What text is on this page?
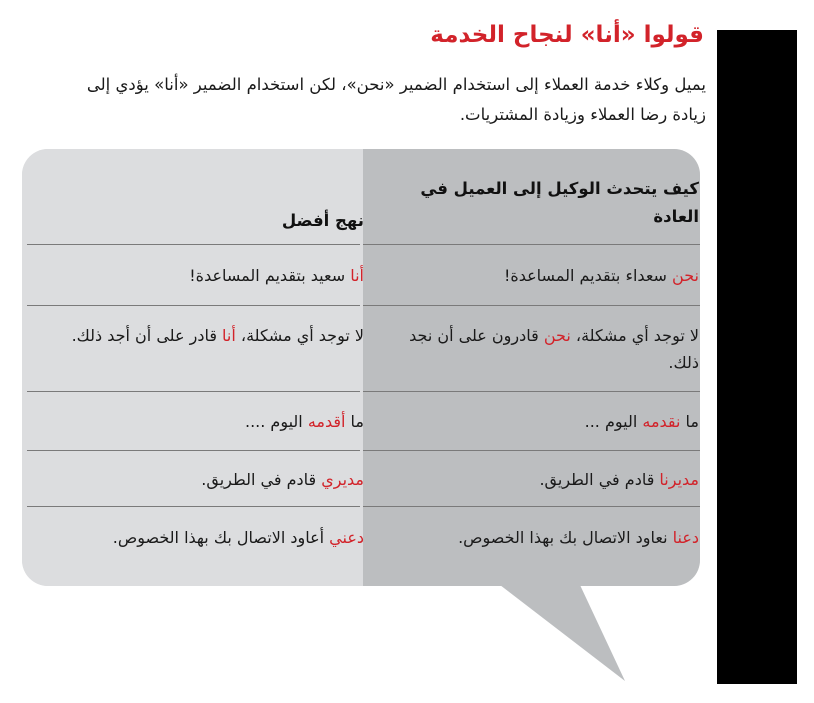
قولوا «أنا» لنجاح الخدمة

يميل وكلاء خدمة العملاء إلى استخدام الضمير «نحن»، لكن استخدام الضمير «أنا» يؤدي إلى زيادة رضا العملاء وزيادة المشتريات.

كيف يتحدث الوكيل إلى العميل في العادة
نهج أفضل
نحن سعداء بتقديم المساعدة!
أنا سعيد بتقديم المساعدة!
لا توجد أي مشكلة، نحن قادرون على أن نجد ذلك.
لا توجد أي مشكلة، أنا قادر على أن أجد ذلك.
ما نقدمه اليوم ...
ما أقدمه اليوم ....
مديرنا قادم في الطريق.
مديري قادم في الطريق.
دعنا نعاود الاتصال بك بهذا الخصوص.
دعني أعاود الاتصال بك بهذا الخصوص.
